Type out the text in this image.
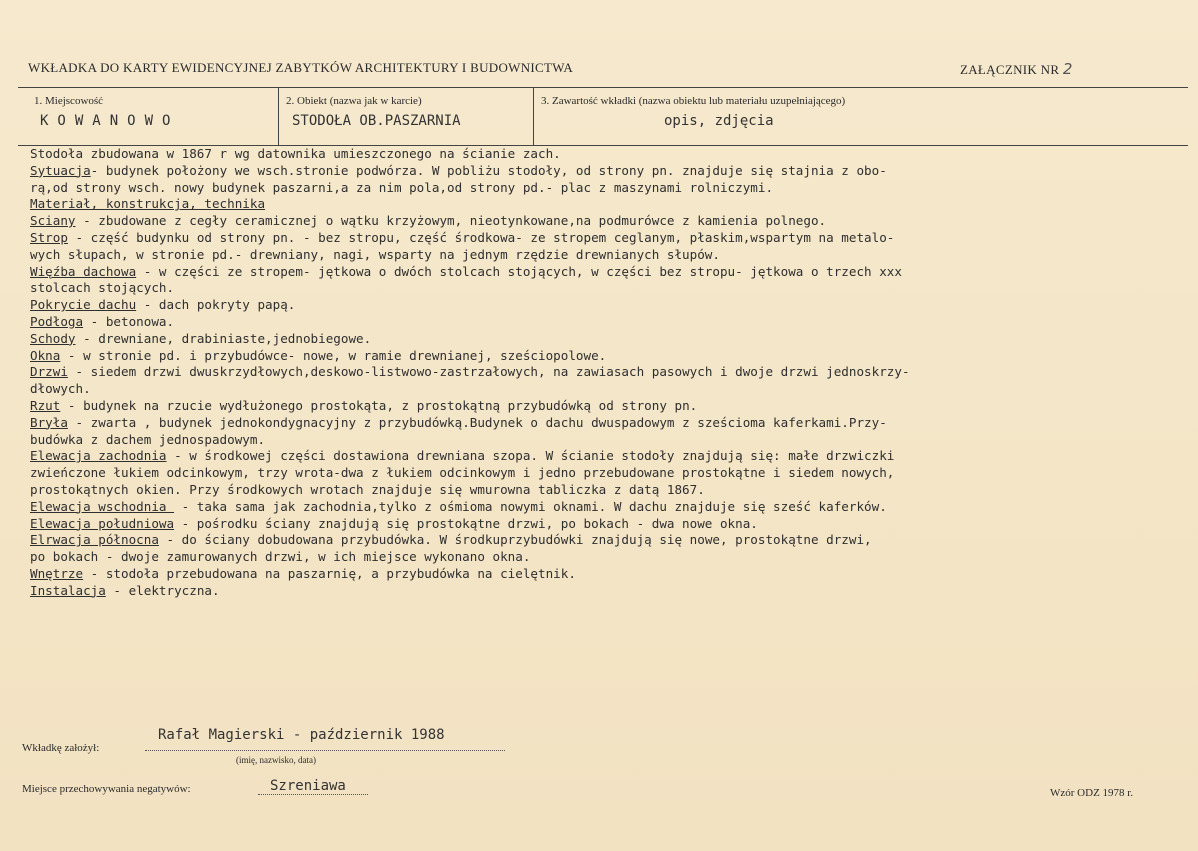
WKŁADKA DO KARTY EWIDENCYJNEJ ZABYTKÓW ARCHITEKTURY I BUDOWNICTWA	ZAŁĄCZNIK NR 2
1. Miejscowość
KOWANOWO
2. Obiekt (nazwa jak w karcie)
STODOŁA OB.PASZARNIA
3. Zawartość wkładki (nazwa obiektu lub materiału uzupełniającego)
opis, zdjęcia
Stodoła zbudowana w 1867 r wg datownika umieszczonego na ścianie zach.
Sytuacja- budynek położony we wsch.stronie podwórza. W pobliżu stodoły, od strony pn. znajduje się stajnia z obo-
rą,od strony wsch. nowy budynek paszarni,a za nim pola,od strony pd.- plac z maszynami rolniczymi.
Materiał, konstrukcja, technika
Sciany - zbudowane z cegły ceramicznej o wątku krzyżowym, nieotynkowane,na podmurówce z kamienia polnego.
Strop - część budynku od strony pn. - bez stropu, część środkowa- ze stropem ceglanym, płaskim,wspartym na metalo-
wych słupach, w stronie pd.- drewniany, nagi, wsparty na jednym rzędzie drewnianych słupów.
Więźba dachowa - w części ze stropem- jętkowa o dwóch stolcach stojących, w części bez stropu- jętkowa o trzech xxx
stolcach stojących.
Pokrycie dachu - dach pokryty papą.
Podłoga - betonowa.
Schody - drewniane, drabiniaste,jednobiegowe.
Okna - w stronie pd. i przybudówce- nowe, w ramie drewnianej, sześciopolowe.
Drzwi - siedem drzwi dwuskrzydłowych,deskowo-listwowo-zastrzałowych, na zawiasach pasowych i dwoje drzwi jednoskrzy-
dłowych.
Rzut - budynek na rzucie wydłużonego prostokąta, z prostokątną przybudówką od strony pn.
Bryła - zwarta , budynek jednokondygnacyjny z przybudówką.Budynek o dachu dwuspadowym z sześcioma kaferkami.Przy-
budówka z dachem jednospadowym.
Elewacja zachodnia - w środkowej części dostawiona drewniana szopa. W ścianie stodoły znajdują się: małe drzwiczki
zwieńczone łukiem odcinkowym, trzy wrota-dwa z łukiem odcinkowym i jedno przebudowane prostokątne i siedem nowych,
prostokątnych okien. Przy środkowych wrotach znajduje się wmurowna tabliczka z datą 1867.
Elewacja wschodnia  - taka sama jak zachodnia,tylko z ośmioma nowymi oknami. W dachu znajduje się sześć kaferków.
Elewacja południowa - pośrodku ściany znajdują się prostokątne drzwi, po bokach - dwa nowe okna.
Elrwacja północna - do ściany dobudowana przybudówka. W środkuprzybudówki znajdują się nowe, prostokątne drzwi,
po bokach - dwoje zamurowanych drzwi, w ich miejsce wykonano okna.
Wnętrze - stodoła przebudowana na paszarnię, a przybudówka na cielętnik.
Instalacja - elektryczna.
Wkładkę założył:
Rafał Magierski - październik 1988
(imię, nazwisko, data)
Miejsce przechowywania negatywów:	Szreniawa	Wzór ODZ 1978 r.
